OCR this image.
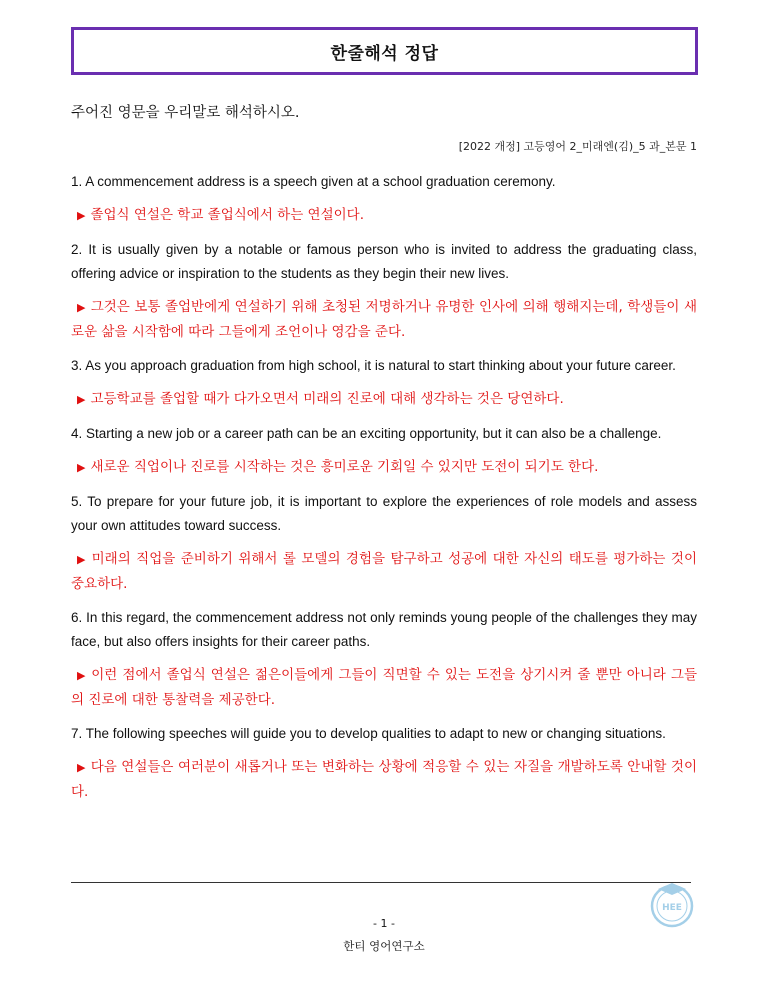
한줄해석 정답
주어진 영문을 우리말로 해석하시오.
[2022 개정] 고등영어 2_미래엔(김)_5 과_본문 1

1. A commencement address is a speech given at a school graduation ceremony.

▶ 졸업식 연설은 학교 졸업식에서 하는 연설이다.

2. It is usually given by a notable or famous person who is invited to address the graduating class, offering advice or inspiration to the students as they begin their new lives.

▶ 그것은 보통 졸업반에게 연설하기 위해 초청된 저명하거나 유명한 인사에 의해 행해지는데, 학생들이 새로운 삶을 시작함에 따라 그들에게 조언이나 영감을 준다.

3. As you approach graduation from high school, it is natural to start thinking about your future career.

▶ 고등학교를 졸업할 때가 다가오면서 미래의 진로에 대해 생각하는 것은 당연하다.

4. Starting a new job or a career path can be an exciting opportunity, but it can also be a challenge.

▶ 새로운 직업이나 진로를 시작하는 것은 흥미로운 기회일 수 있지만 도전이 되기도 한다.

5. To prepare for your future job, it is important to explore the experiences of role models and assess your own attitudes toward success.

▶ 미래의 직업을 준비하기 위해서 롤 모델의 경험을 탐구하고 성공에 대한 자신의 태도를 평가하는 것이 중요하다.

6. In this regard, the commencement address not only reminds young people of the challenges they may face, but also offers insights for their career paths.

▶ 이런 점에서 졸업식 연설은 젊은이들에게 그들이 직면할 수 있는 도전을 상기시켜 줄 뿐만 아니라 그들의 진로에 대한 통찰력을 제공한다.

7. The following speeches will guide you to develop qualities to adapt to new or changing situations.

▶ 다음 연설들은 여러분이 새롭거나 또는 변화하는 상황에 적응할 수 있는 자질을 개발하도록 안내할 것이다.

HEE
- 1 -
한티 영어연구소
